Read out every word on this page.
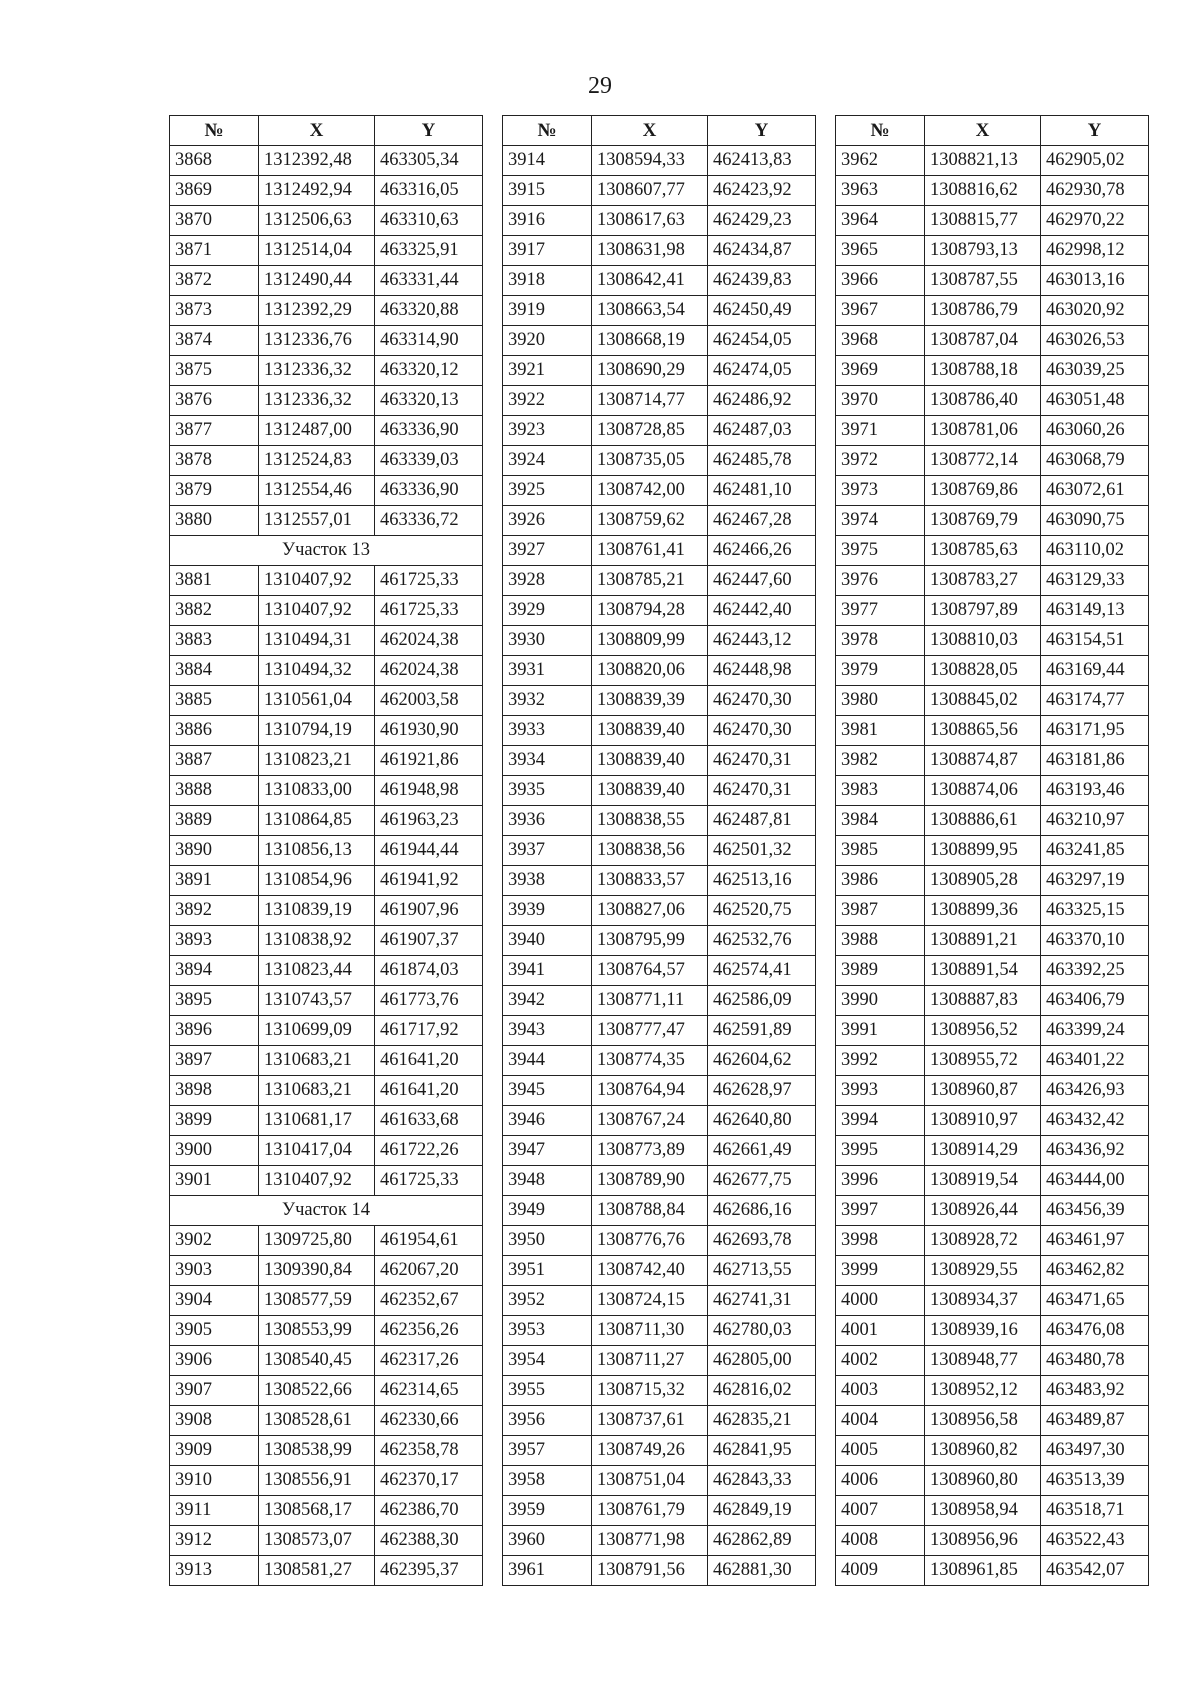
29
№	X	Y
3868	1312392,48	463305,34
3869	1312492,94	463316,05
3870	1312506,63	463310,63
3871	1312514,04	463325,91
3872	1312490,44	463331,44
3873	1312392,29	463320,88
3874	1312336,76	463314,90
3875	1312336,32	463320,12
3876	1312336,32	463320,13
3877	1312487,00	463336,90
3878	1312524,83	463339,03
3879	1312554,46	463336,90
3880	1312557,01	463336,72
Участок 13		
3881	1310407,92	461725,33
3882	1310407,92	461725,33
3883	1310494,31	462024,38
3884	1310494,32	462024,38
3885	1310561,04	462003,58
3886	1310794,19	461930,90
3887	1310823,21	461921,86
3888	1310833,00	461948,98
3889	1310864,85	461963,23
3890	1310856,13	461944,44
3891	1310854,96	461941,92
3892	1310839,19	461907,96
3893	1310838,92	461907,37
3894	1310823,44	461874,03
3895	1310743,57	461773,76
3896	1310699,09	461717,92
3897	1310683,21	461641,20
3898	1310683,21	461641,20
3899	1310681,17	461633,68
3900	1310417,04	461722,26
3901	1310407,92	461725,33
Участок 14		
3902	1309725,80	461954,61
3903	1309390,84	462067,20
3904	1308577,59	462352,67
3905	1308553,99	462356,26
3906	1308540,45	462317,26
3907	1308522,66	462314,65
3908	1308528,61	462330,66
3909	1308538,99	462358,78
3910	1308556,91	462370,17
3911	1308568,17	462386,70
3912	1308573,07	462388,30
3913	1308581,27	462395,37
№	X	Y
3914	1308594,33	462413,83
3915	1308607,77	462423,92
3916	1308617,63	462429,23
3917	1308631,98	462434,87
3918	1308642,41	462439,83
3919	1308663,54	462450,49
3920	1308668,19	462454,05
3921	1308690,29	462474,05
3922	1308714,77	462486,92
3923	1308728,85	462487,03
3924	1308735,05	462485,78
3925	1308742,00	462481,10
3926	1308759,62	462467,28
3927	1308761,41	462466,26
3928	1308785,21	462447,60
3929	1308794,28	462442,40
3930	1308809,99	462443,12
3931	1308820,06	462448,98
3932	1308839,39	462470,30
3933	1308839,40	462470,30
3934	1308839,40	462470,31
3935	1308839,40	462470,31
3936	1308838,55	462487,81
3937	1308838,56	462501,32
3938	1308833,57	462513,16
3939	1308827,06	462520,75
3940	1308795,99	462532,76
3941	1308764,57	462574,41
3942	1308771,11	462586,09
3943	1308777,47	462591,89
3944	1308774,35	462604,62
3945	1308764,94	462628,97
3946	1308767,24	462640,80
3947	1308773,89	462661,49
3948	1308789,90	462677,75
3949	1308788,84	462686,16
3950	1308776,76	462693,78
3951	1308742,40	462713,55
3952	1308724,15	462741,31
3953	1308711,30	462780,03
3954	1308711,27	462805,00
3955	1308715,32	462816,02
3956	1308737,61	462835,21
3957	1308749,26	462841,95
3958	1308751,04	462843,33
3959	1308761,79	462849,19
3960	1308771,98	462862,89
3961	1308791,56	462881,30
№	X	Y
3962	1308821,13	462905,02
3963	1308816,62	462930,78
3964	1308815,77	462970,22
3965	1308793,13	462998,12
3966	1308787,55	463013,16
3967	1308786,79	463020,92
3968	1308787,04	463026,53
3969	1308788,18	463039,25
3970	1308786,40	463051,48
3971	1308781,06	463060,26
3972	1308772,14	463068,79
3973	1308769,86	463072,61
3974	1308769,79	463090,75
3975	1308785,63	463110,02
3976	1308783,27	463129,33
3977	1308797,89	463149,13
3978	1308810,03	463154,51
3979	1308828,05	463169,44
3980	1308845,02	463174,77
3981	1308865,56	463171,95
3982	1308874,87	463181,86
3983	1308874,06	463193,46
3984	1308886,61	463210,97
3985	1308899,95	463241,85
3986	1308905,28	463297,19
3987	1308899,36	463325,15
3988	1308891,21	463370,10
3989	1308891,54	463392,25
3990	1308887,83	463406,79
3991	1308956,52	463399,24
3992	1308955,72	463401,22
3993	1308960,87	463426,93
3994	1308910,97	463432,42
3995	1308914,29	463436,92
3996	1308919,54	463444,00
3997	1308926,44	463456,39
3998	1308928,72	463461,97
3999	1308929,55	463462,82
4000	1308934,37	463471,65
4001	1308939,16	463476,08
4002	1308948,77	463480,78
4003	1308952,12	463483,92
4004	1308956,58	463489,87
4005	1308960,82	463497,30
4006	1308960,80	463513,39
4007	1308958,94	463518,71
4008	1308956,96	463522,43
4009	1308961,85	463542,07
